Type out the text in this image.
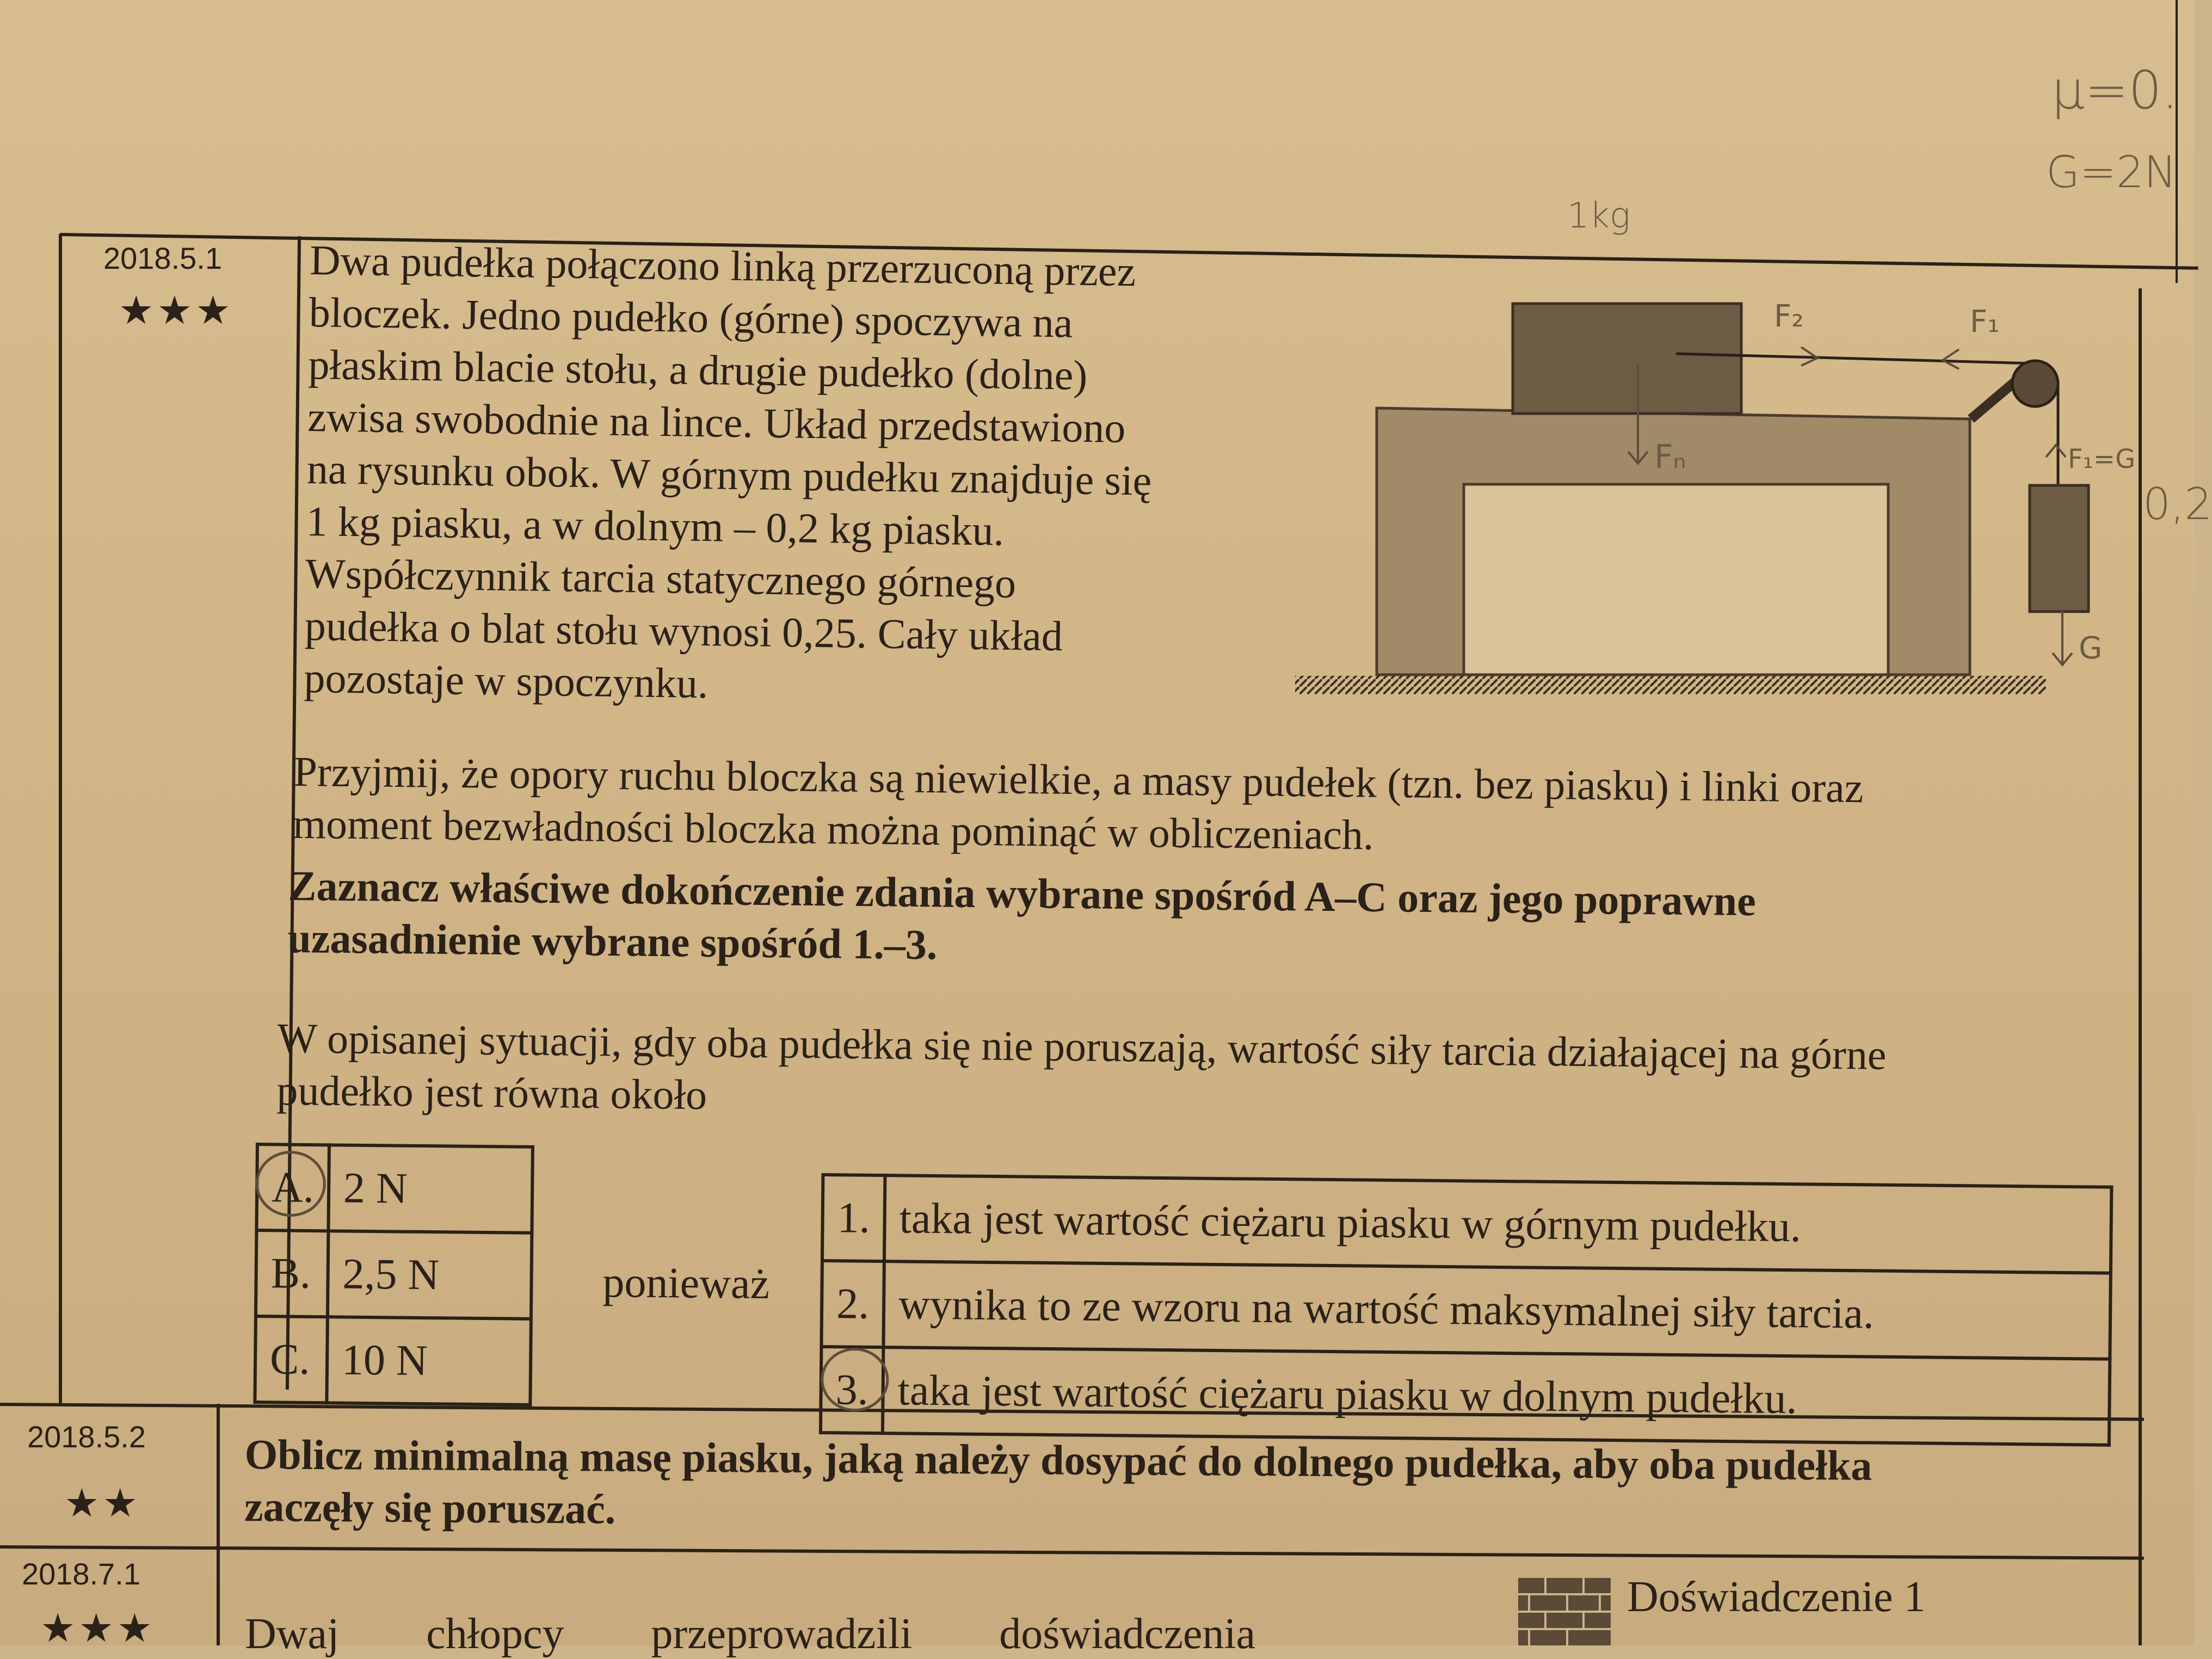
μ=0.
G=2N
1kg
0,2
2018.5.1
★★★
Dwa pudełka połączono linką przerzuconą przez
bloczek. Jedno pudełko (górne) spoczywa na
płaskim blacie stołu, a drugie pudełko (dolne)
zwisa swobodnie na lince. Układ przedstawiono
na rysunku obok. W górnym pudełku znajduje się
1 kg piasku, a w dolnym – 0,2 kg piasku.
Współczynnik tarcia statycznego górnego
pudełka o blat stołu wynosi 0,25. Cały układ
pozostaje w spoczynku.
F₂	F₁
Fₙ	F₁=G
G
Przyjmij, że opory ruchu bloczka są niewielkie, a masy pudełek (tzn. bez piasku) i linki oraz
moment bezwładności bloczka można pominąć w obliczeniach.
Zaznacz właściwe dokończenie zdania wybrane spośród A–C oraz jego poprawne
uzasadnienie wybrane spośród 1.–3.
W opisanej sytuacji, gdy oba pudełka się nie poruszają, wartość siły tarcia działającej na górne
pudełko jest równa około
A.	2 N
B.	2,5 N
C.	10 N
ponieważ
1.	taka jest wartość ciężaru piasku w górnym pudełku.
2.	wynika to ze wzoru na wartość maksymalnej siły tarcia.
3.	taka jest wartość ciężaru piasku w dolnym pudełku.
2018.5.2
★★
Oblicz minimalną masę piasku, jaką należy dosypać do dolnego pudełka, aby oba pudełka
zaczęły się poruszać.
2018.7.1
★★★ Dwaj chłopcy przeprowadzili doświadczenia
Doświadczenie 1
